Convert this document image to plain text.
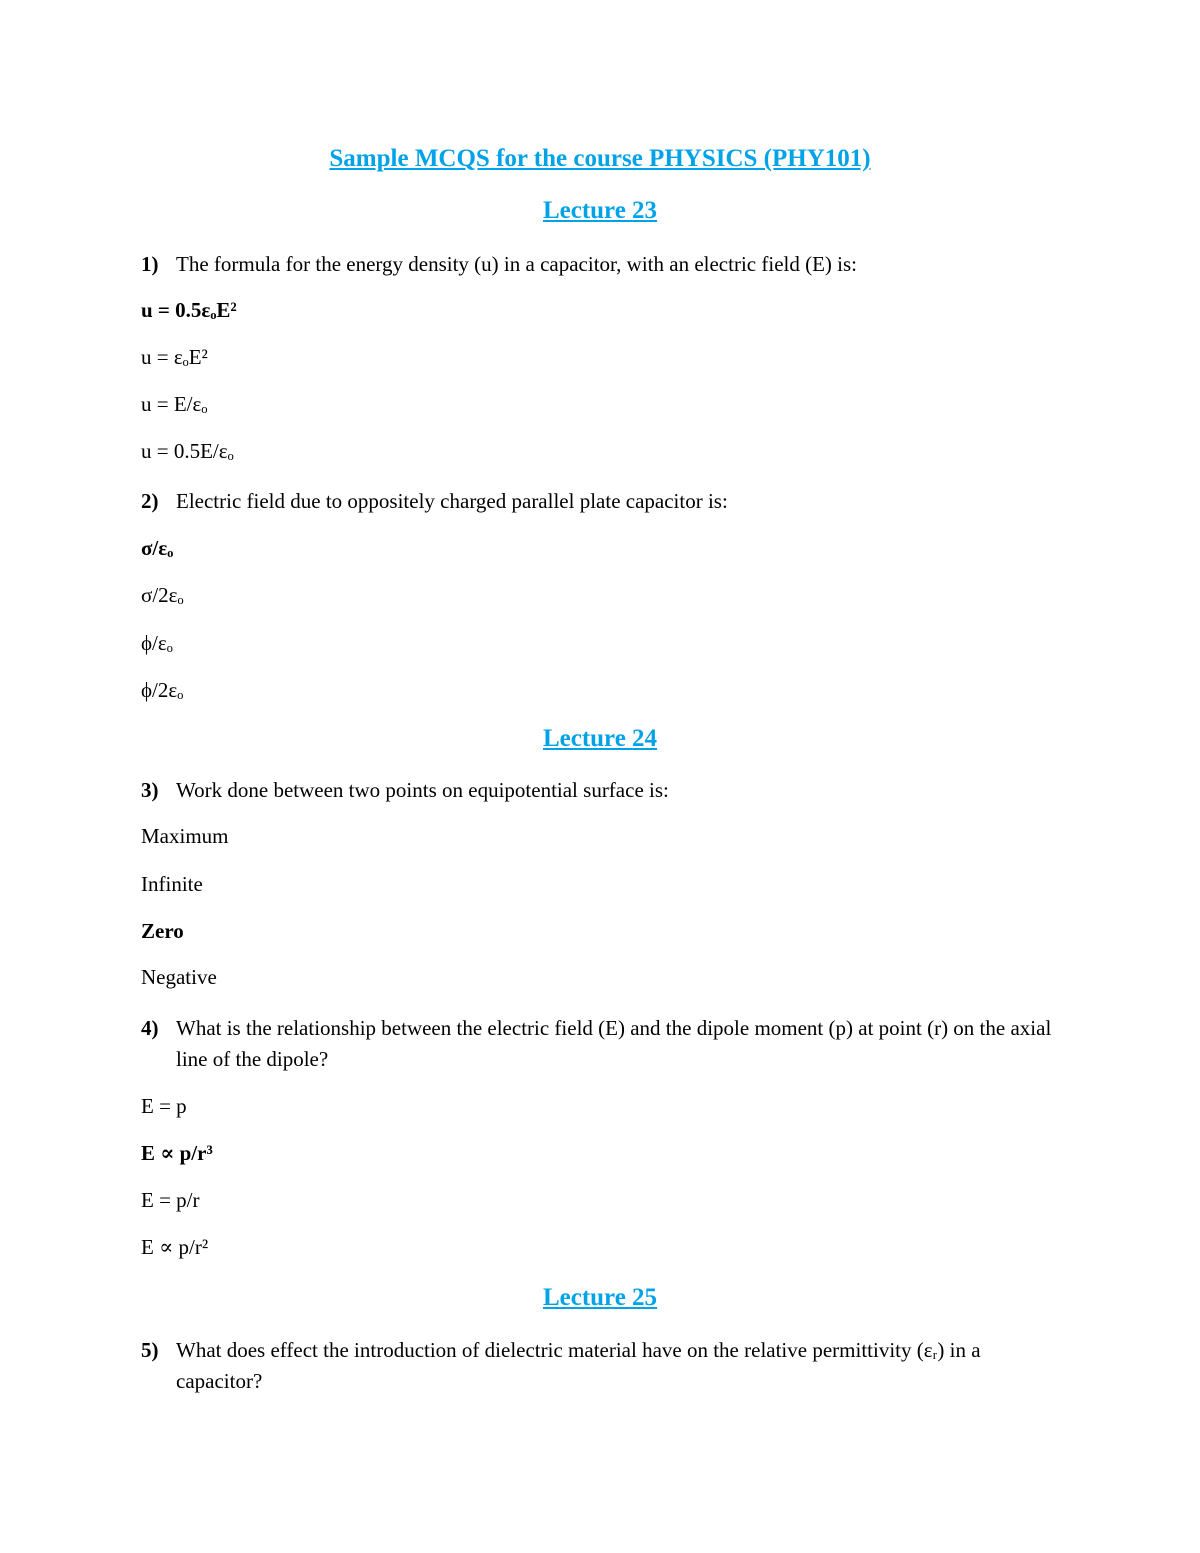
Sample MCQS for the course PHYSICS (PHY101)
Lecture 23
1) The formula for the energy density (u) in a capacitor, with an electric field (E) is:
u = 0.5εₒE²
u = εₒE²
u = E/εₒ
u = 0.5E/εₒ
2) Electric field due to oppositely charged parallel plate capacitor is:
σ/εₒ
σ/2εₒ
ϕ/εₒ
ϕ/2εₒ
Lecture 24
3) Work done between two points on equipotential surface is:
Maximum
Infinite
Zero
Negative
4) What is the relationship between the electric field (E) and the dipole moment (p) at point (r) on the axial line of the dipole?
E = p
E ∝ p/r³
E = p/r
E ∝ p/r²
Lecture 25
5) What does effect the introduction of dielectric material have on the relative permittivity (εᵣ) in a capacitor?
